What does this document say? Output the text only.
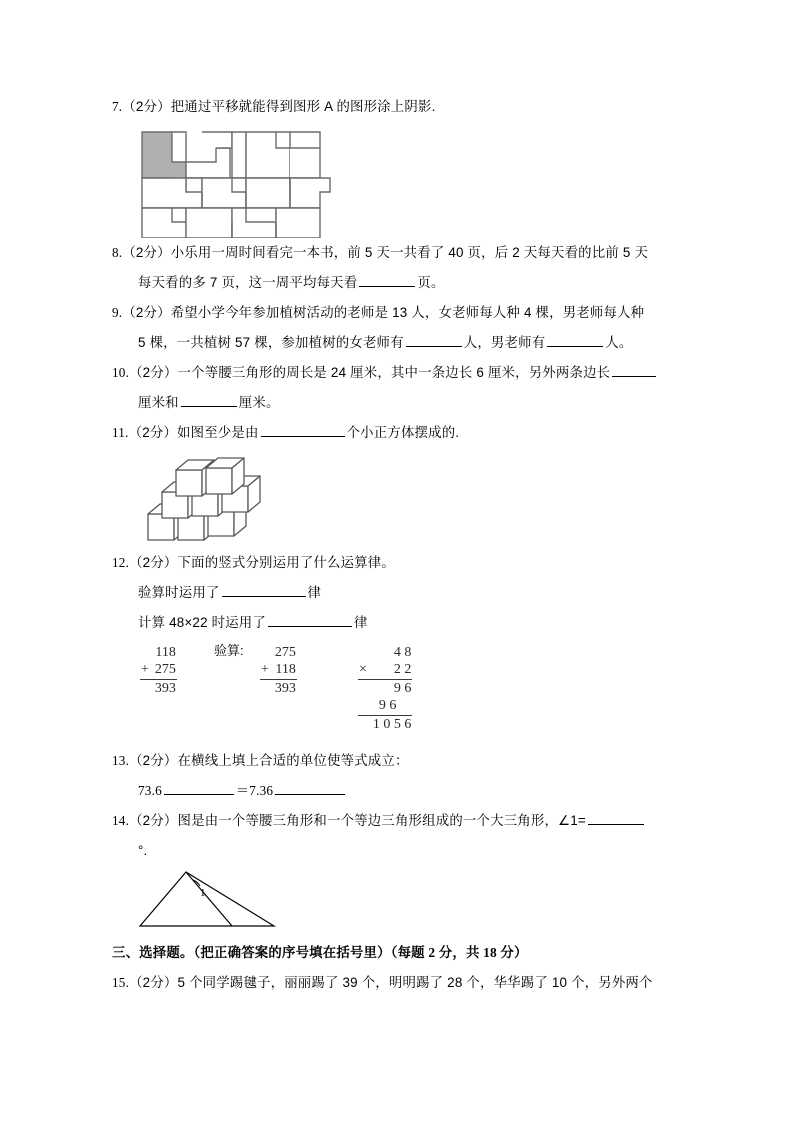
7.（2分）把通过平移就能得到图形 A 的图形涂上阴影.
8.（2分）小乐用一周时间看完一本书，前 5 天一共看了 40 页，后 2 天每天看的比前 5 天
每天看的多 7 页，这一周平均每天看	页。
9.（2分）希望小学今年参加植树活动的老师是 13 人，女老师每人种 4 棵，男老师每人种
5 棵，一共植树 57 棵，参加植树的女老师有	人，男老师有	人。
10.（2分）一个等腰三角形的周长是 24 厘米，其中一条边长 6 厘米，另外两条边长
厘米和	厘米。
11.（2分）如图至少是由	个小正方体摆成的.
12.（2分）下面的竖式分别运用了什么运算律。
验算时运用了	律
计算 48×22 时运用了	律
	118
+	275
	393
验算:
	275
+	118
	393
	4 8
×	2 2
	9 6
	9 6
	1 0 5 6
13.（2分）在横线上填上合适的单位使等式成立：
73.6	＝7.36
14.（2分）图是由一个等腰三角形和一个等边三角形组成的一个大三角形，∠1=
°.
1
三、选择题。（把正确答案的序号填在括号里）（每题 2 分，共 18 分）
15.（2分）5 个同学踢毽子，丽丽踢了 39 个，明明踢了 28 个，华华踢了 10 个，另外两个
